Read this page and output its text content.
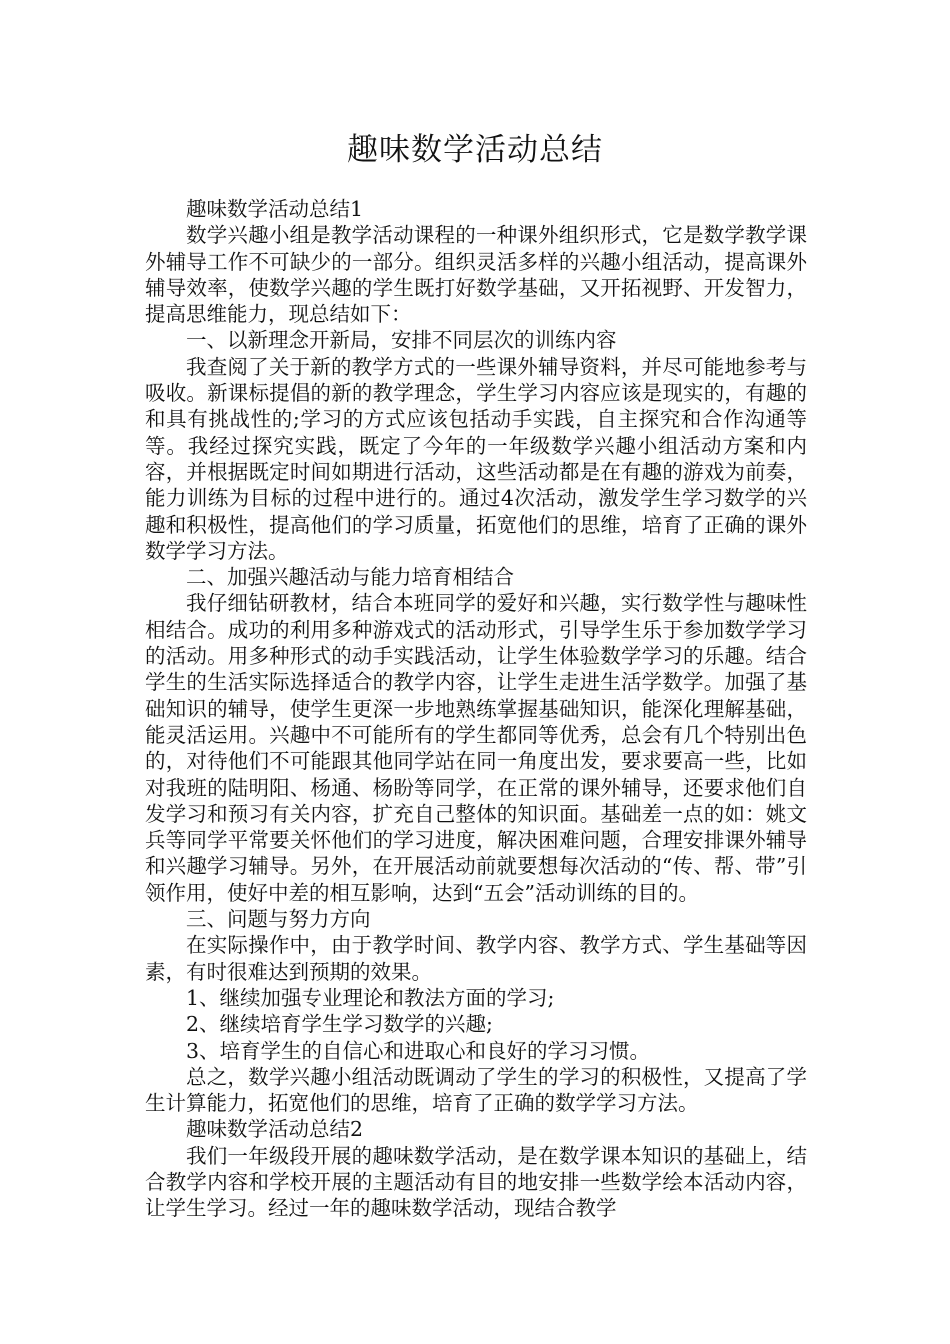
趣味数学活动总结

趣味数学活动总结1

数学兴趣小组是教学活动课程的一种课外组织形式，它是数学教学课外辅导工作不可缺少的一部分。组织灵活多样的兴趣小组活动，提高课外辅导效率，使数学兴趣的学生既打好数学基础，又开拓视野、开发智力，提高思维能力，现总结如下：

一、以新理念开新局，安排不同层次的训练内容

我查阅了关于新的教学方式的一些课外辅导资料，并尽可能地参考与吸收。新课标提倡的新的教学理念，学生学习内容应该是现实的，有趣的和具有挑战性的;学习的方式应该包括动手实践，自主探究和合作沟通等等。我经过探究实践，既定了今年的一年级数学兴趣小组活动方案和内容，并根据既定时间如期进行活动，这些活动都是在有趣的游戏为前奏，能力训练为目标的过程中进行的。通过4次活动，激发学生学习数学的兴趣和积极性，提高他们的学习质量，拓宽他们的思维，培育了正确的课外数学学习方法。

二、加强兴趣活动与能力培育相结合

我仔细钻研教材，结合本班同学的爱好和兴趣，实行数学性与趣味性相结合。成功的利用多种游戏式的活动形式，引导学生乐于参加数学学习的活动。用多种形式的动手实践活动，让学生体验数学学习的乐趣。结合学生的生活实际选择适合的教学内容，让学生走进生活学数学。加强了基础知识的辅导，使学生更深一步地熟练掌握基础知识，能深化理解基础，能灵活运用。兴趣中不可能所有的学生都同等优秀，总会有几个特别出色的，对待他们不可能跟其他同学站在同一角度出发，要求要高一些，比如对我班的陆明阳、杨通、杨盼等同学，在正常的课外辅导，还要求他们自发学习和预习有关内容，扩充自己整体的知识面。基础差一点的如：姚文兵等同学平常要关怀他们的学习进度，解决困难问题，合理安排课外辅导和兴趣学习辅导。另外，在开展活动前就要想每次活动的“传、帮、带”引领作用，使好中差的相互影响，达到“五会”活动训练的目的。

三、问题与努力方向

在实际操作中，由于教学时间、教学内容、教学方式、学生基础等因素，有时很难达到预期的效果。

1、继续加强专业理论和教法方面的学习;

2、继续培育学生学习数学的兴趣;

3、培育学生的自信心和进取心和良好的学习习惯。

总之，数学兴趣小组活动既调动了学生的学习的积极性，又提高了学生计算能力，拓宽他们的思维，培育了正确的数学学习方法。

趣味数学活动总结2

我们一年级段开展的趣味数学活动，是在数学课本知识的基础上，结合教学内容和学校开展的主题活动有目的地安排一些数学绘本活动内容，让学生学习。经过一年的趣味数学活动，现结合教学
